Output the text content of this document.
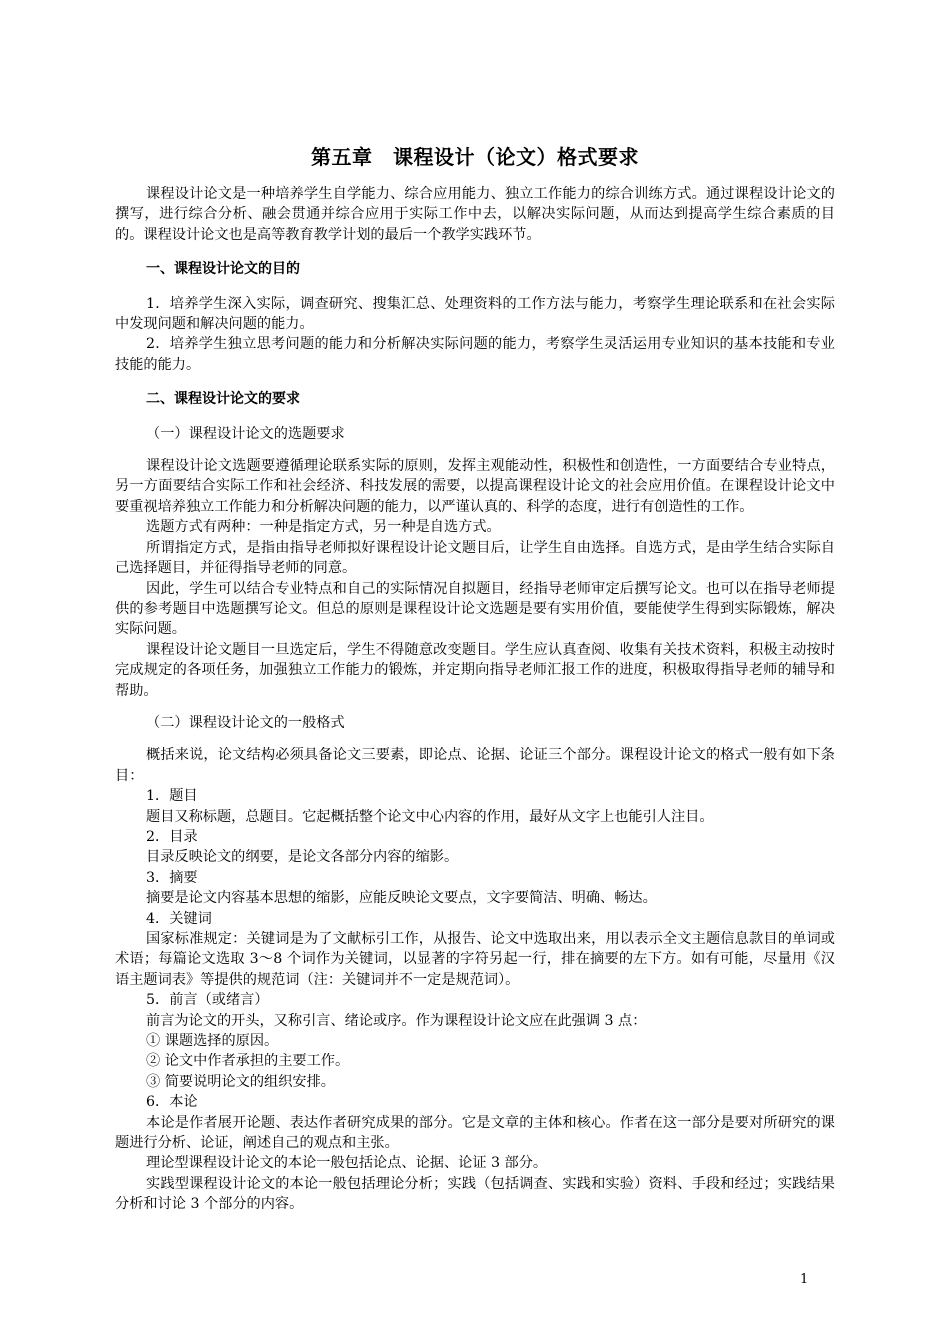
第五章　课程设计（论文）格式要求

课程设计论文是一种培养学生自学能力、综合应用能力、独立工作能力的综合训练方式。通过课程设计论文的撰写，进行综合分析、融会贯通并综合应用于实际工作中去，以解决实际问题，从而达到提高学生综合素质的目的。课程设计论文也是高等教育教学计划的最后一个教学实践环节。

一、课程设计论文的目的

1．培养学生深入实际，调查研究、搜集汇总、处理资料的工作方法与能力，考察学生理论联系和在社会实际中发现问题和解决问题的能力。

2．培养学生独立思考问题的能力和分析解决实际问题的能力，考察学生灵活运用专业知识的基本技能和专业技能的能力。

二、课程设计论文的要求
（一）课程设计论文的选题要求

课程设计论文选题要遵循理论联系实际的原则，发挥主观能动性，积极性和创造性，一方面要结合专业特点，另一方面要结合实际工作和社会经济、科技发展的需要，以提高课程设计论文的社会应用价值。在课程设计论文中要重视培养独立工作能力和分析解决问题的能力，以严谨认真的、科学的态度，进行有创造性的工作。

选题方式有两种：一种是指定方式，另一种是自选方式。

所谓指定方式，是指由指导老师拟好课程设计论文题目后，让学生自由选择。自选方式，是由学生结合实际自己选择题目，并征得指导老师的同意。

因此，学生可以结合专业特点和自己的实际情况自拟题目，经指导老师审定后撰写论文。也可以在指导老师提供的参考题目中选题撰写论文。但总的原则是课程设计论文选题是要有实用价值，要能使学生得到实际锻炼，解决实际问题。

课程设计论文题目一旦选定后，学生不得随意改变题目。学生应认真查阅、收集有关技术资料，积极主动按时完成规定的各项任务，加强独立工作能力的锻炼，并定期向指导老师汇报工作的进度，积极取得指导老师的辅导和帮助。

（二）课程设计论文的一般格式

概括来说，论文结构必须具备论文三要素，即论点、论据、论证三个部分。课程设计论文的格式一般有如下条目：

1．题目

题目又称标题，总题目。它起概括整个论文中心内容的作用，最好从文字上也能引人注目。

2．目录

目录反映论文的纲要，是论文各部分内容的缩影。

3．摘要

摘要是论文内容基本思想的缩影，应能反映论文要点，文字要简洁、明确、畅达。

4．关键词

国家标准规定：关键词是为了文献标引工作，从报告、论文中选取出来，用以表示全文主题信息款目的单词或术语；每篇论文选取 3～8 个词作为关键词，以显著的字符另起一行，排在摘要的左下方。如有可能，尽量用《汉语主题词表》等提供的规范词（注：关键词并不一定是规范词）。

5．前言（或绪言）

前言为论文的开头，又称引言、绪论或序。作为课程设计论文应在此强调 3 点：

① 课题选择的原因。

② 论文中作者承担的主要工作。

③ 简要说明论文的组织安排。

6．本论

本论是作者展开论题、表达作者研究成果的部分。它是文章的主体和核心。作者在这一部分是要对所研究的课题进行分析、论证，阐述自己的观点和主张。

理论型课程设计论文的本论一般包括论点、论据、论证 3 部分。

实践型课程设计论文的本论一般包括理论分析；实践（包括调查、实践和实验）资料、手段和经过；实践结果分析和讨论 3 个部分的内容。

1
